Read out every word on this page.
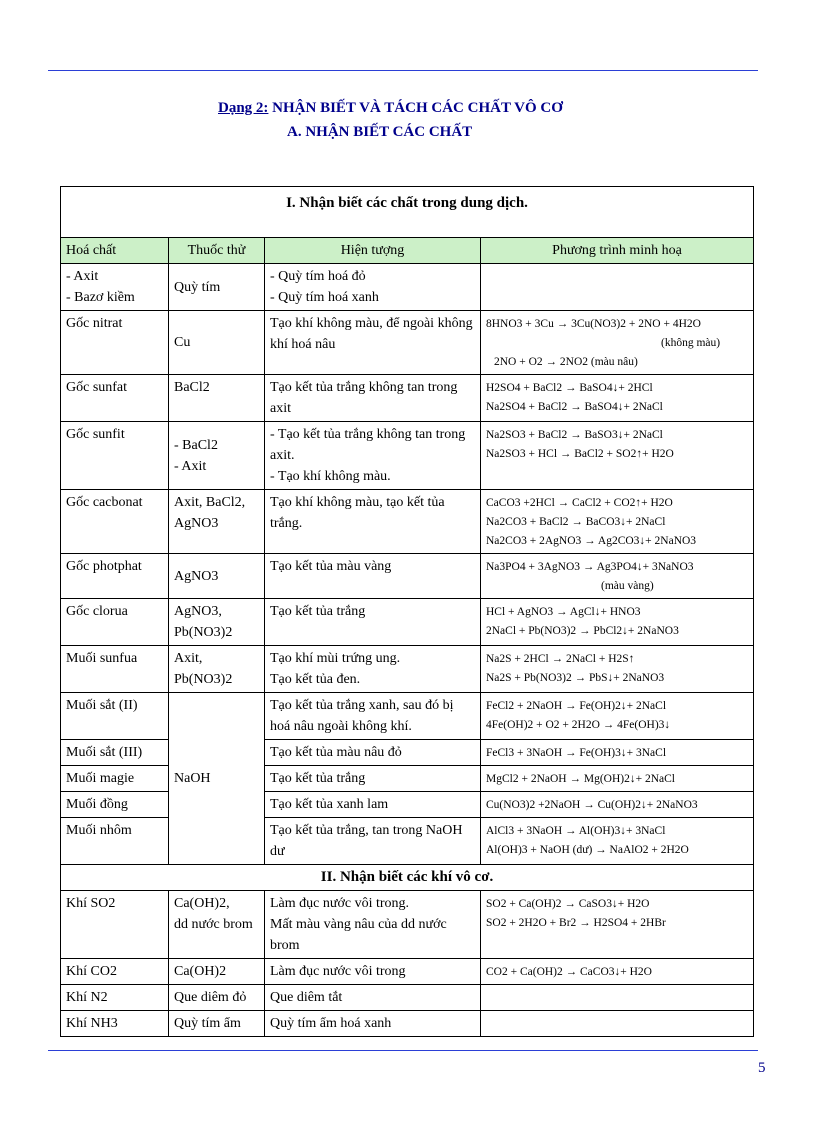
Dạng 2: NHẬN BIẾT VÀ TÁCH CÁC CHẤT VÔ CƠ
A. NHẬN BIẾT CÁC CHẤT
I. Nhận biết các chất trong dung dịch.			
Hoá chất	Thuốc thử	Hiện tượng	Phương trình minh hoạ

- Axit
- Bazơ kiềm	Quỳ tím	- Quỳ tím hoá đỏ
- Quỳ tím hoá xanh	

Gốc nitrat	Cu	Tạo khí không màu, để ngoài không khí hoá nâu	8HNO3 + 3Cu → 3Cu(NO3)2 + 2NO + 4H2O
(không màu)
2NO + O2 → 2NO2 (màu nâu)

Gốc sunfat	BaCl2	Tạo kết tủa trắng không tan trong axit	H2SO4 + BaCl2 → BaSO4↓+ 2HCl
Na2SO4 + BaCl2 → BaSO4↓+ 2NaCl

Gốc sunfit	- BaCl2
- Axit	- Tạo kết tủa trắng không tan trong axit.
- Tạo khí không màu.	Na2SO3 + BaCl2 → BaSO3↓+ 2NaCl
Na2SO3 + HCl → BaCl2 + SO2↑+ H2O

Gốc cacbonat	Axit, BaCl2,
AgNO3	Tạo khí không màu, tạo kết tủa trắng.	CaCO3 +2HCl → CaCl2 + CO2↑+ H2O
Na2CO3 + BaCl2 → BaCO3↓+ 2NaCl
Na2CO3 + 2AgNO3 → Ag2CO3↓+ 2NaNO3

Gốc photphat	AgNO3	Tạo kết tủa màu vàng	Na3PO4 + 3AgNO3 → Ag3PO4↓+ 3NaNO3
(màu vàng)

Gốc clorua	AgNO3,
Pb(NO3)2	Tạo kết tủa trắng	HCl + AgNO3 → AgCl↓+ HNO3
2NaCl + Pb(NO3)2 → PbCl2↓+ 2NaNO3

Muối sunfua	Axit,
Pb(NO3)2	Tạo khí mùi trứng ung.
Tạo kết tủa đen.	Na2S + 2HCl → 2NaCl + H2S↑
Na2S + Pb(NO3)2 → PbS↓+ 2NaNO3

Muối sắt (II)	NaOH	Tạo kết tủa trắng xanh, sau đó bị hoá nâu ngoài không khí.	FeCl2 + 2NaOH → Fe(OH)2↓+ 2NaCl
4Fe(OH)2 + O2 + 2H2O → 4Fe(OH)3↓

Muối sắt (III)		Tạo kết tủa màu nâu đỏ	FeCl3 + 3NaOH → Fe(OH)3↓+ 3NaCl
Muối magie		Tạo kết tủa trắng	MgCl2 + 2NaOH → Mg(OH)2↓+ 2NaCl
Muối đồng		Tạo kết tủa xanh lam	Cu(NO3)2 +2NaOH → Cu(OH)2↓+ 2NaNO3
Muối nhôm		Tạo kết tủa trắng, tan trong NaOH dư	AlCl3 + 3NaOH → Al(OH)3↓+ 3NaCl
Al(OH)3 + NaOH (dư) → NaAlO2 + 2H2O

II. Nhận biết các khí vô cơ.			
Khí SO2	Ca(OH)2,
dd nước brom	Làm đục nước vôi trong.
Mất màu vàng nâu của dd nước brom	SO2 + Ca(OH)2 → CaSO3↓+ H2O
SO2 + 2H2O + Br2 → H2SO4 + 2HBr

Khí CO2	Ca(OH)2	Làm đục nước vôi trong	CO2 + Ca(OH)2 → CaCO3↓+ H2O
Khí N2	Que diêm đỏ	Que diêm tắt	
Khí NH3	Quỳ tím ẩm	Quỳ tím ẩm hoá xanh	
5
